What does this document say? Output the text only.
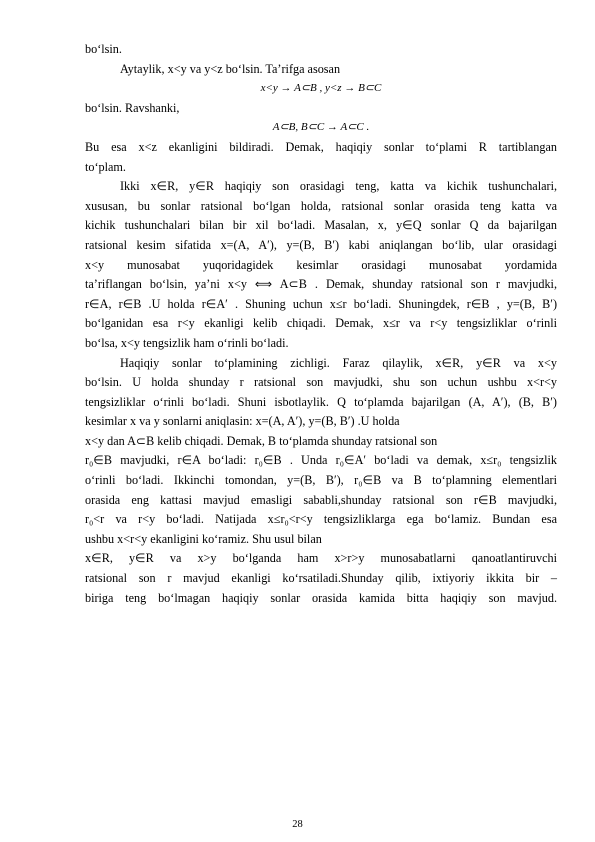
bo‘lsin.
Aytaylik, x<y va y<z bo‘lsin. Ta’rifga asosan
x<y → A⊂B , y<z → B⊂C
bo‘lsin. Ravshanki,
A⊂B, B⊂C → A⊂C .
Bu esa x<z ekanligini bildiradi. Demak, haqiqiy sonlar to‘plami R tartiblangan
to‘plam.
Ikki x∈R, y∈R haqiqiy son orasidagi teng, katta va kichik tushunchalari,
xususan, bu sonlar ratsional bo‘lgan holda, ratsional sonlar orasida teng katta va
kichik tushunchalari bilan bir xil bo‘ladi. Masalan, x, y∈Q sonlar Q da bajarilgan
ratsional kesim sifatida x=(A, A′), y=(B, B′) kabi aniqlangan bo‘lib, ular orasidagi
x<y munosabat yuqoridagidek kesimlar orasidagi munosabat yordamida
ta’riflangan bo‘lsin, ya’ni x<y ⟺ A⊂B . Demak, shunday ratsional son r mavjudki,
r∈A, r∈B .U holda r∈A′ . Shuning uchun x≤r bo‘ladi. Shuningdek, r∈B , y=(B, B′)
bo‘lganidan esa r<y ekanligi kelib chiqadi. Demak, x≤r va r<y tengsizliklar o‘rinli
bo‘lsa, x<y tengsizlik ham o‘rinli bo‘ladi.
Haqiqiy sonlar to‘plamining zichligi. Faraz qilaylik, x∈R, y∈R va x<y
bo‘lsin. U holda shunday r ratsional son mavjudki, shu son uchun ushbu x<r<y
tengsizliklar o‘rinli bo‘ladi. Shuni isbotlaylik. Q to‘plamda bajarilgan (A, A′), (B, B′)
kesimlar x va y sonlarni aniqlasin: x=(A, A′), y=(B, B′) .U holda
x<y dan A⊂B kelib chiqadi. Demak, B to‘plamda shunday ratsional son
r₀∈B mavjudki, r∈A bo‘ladi: r₀∈B . Unda r₀∈A′ bo‘ladi va demak, x≤r₀ tengsizlik
o‘rinli bo‘ladi. Ikkinchi tomondan, y=(B, B′), r₀∈B va B to‘plamning elementlari
orasida eng kattasi mavjud emasligi sababli,shunday ratsional son r∈B mavjudki,
r₀<r va r<y bo‘ladi. Natijada x≤r₀<r<y tengsizliklarga ega bo‘lamiz. Bundan esa
ushbu x<r<y ekanligini ko‘ramiz. Shu usul bilan
x∈R, y∈R va x>y bo‘lganda ham x>r>y munosabatlarni qanoatlantiruvchi
ratsional son r mavjud ekanligi ko‘rsatiladi.Shunday qilib, ixtiyoriy ikkita bir –
biriga teng bo‘lmagan haqiqiy sonlar orasida kamida bitta haqiqiy son mavjud.
28
